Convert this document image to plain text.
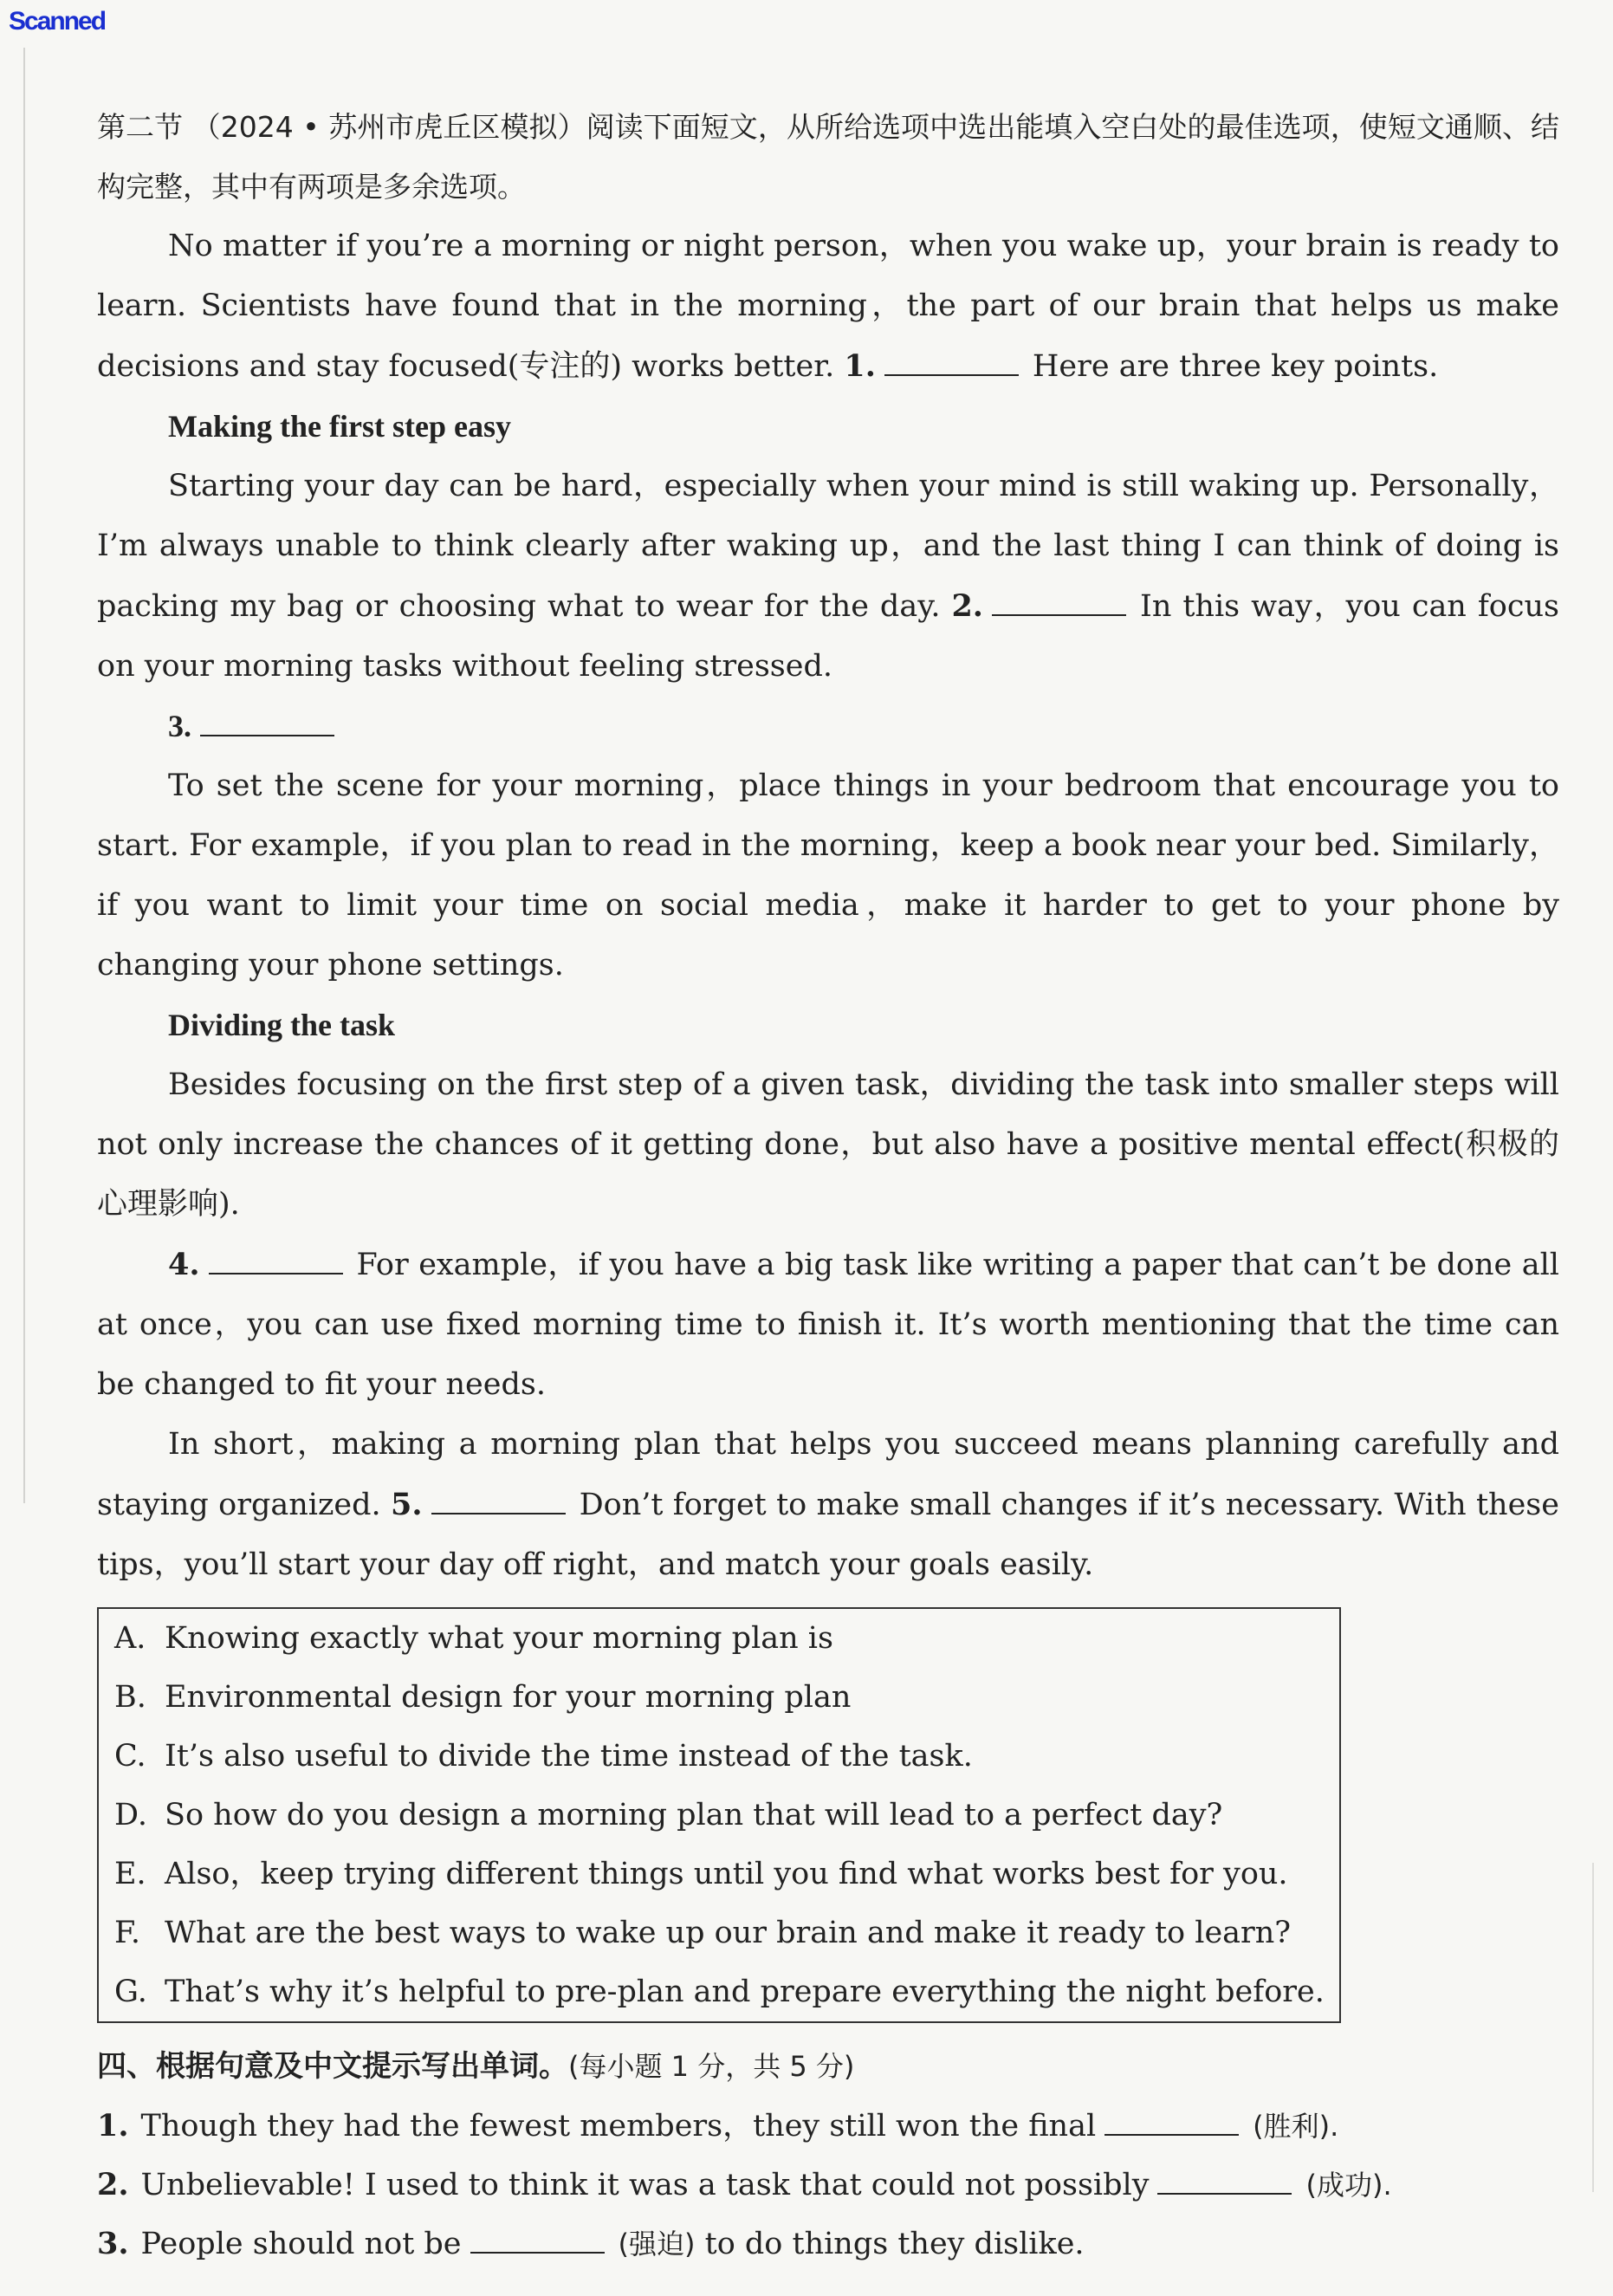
Scanned

第二节 （2024 • 苏州市虎丘区模拟）阅读下面短文，从所给选项中选出能填入空白处的最佳选项，使短文通顺、结构完整，其中有两项是多余选项。

No matter if you’re a morning or night person，when you wake up，your brain is ready to learn. Scientists have found that in the morning，the part of our brain that helps us make decisions and stay focused(专注的) works better. 1.	Here are three key points.

Making the first step easy

Starting your day can be hard，especially when your mind is still waking up. Personally，I’m always unable to think clearly after waking up，and the last thing I can think of doing is packing my bag or choosing what to wear for the day. 2.	In this way，you can focus on your morning tasks without feeling stressed.

3.

To set the scene for your morning，place things in your bedroom that encourage you to start. For example，if you plan to read in the morning，keep a book near your bed. Similarly，if you want to limit your time on social media，make it harder to get to your phone by changing your phone settings.

Dividing the task

Besides focusing on the first step of a given task，dividing the task into smaller steps will not only increase the chances of it getting done，but also have a positive mental effect(积极的心理影响).

4.	For example，if you have a big task like writing a paper that can’t be done all at once，you can use fixed morning time to finish it. It’s worth mentioning that the time can be changed to fit your needs.

In short，making a morning plan that helps you succeed means planning carefully and staying organized. 5.	Don’t forget to make small changes if it’s necessary. With these tips，you’ll start your day off right，and match your goals easily.

A. Knowing exactly what your morning plan is
B. Environmental design for your morning plan
C. It’s also useful to divide the time instead of the task.
D. So how do you design a morning plan that will lead to a perfect day?
E. Also，keep trying different things until you find what works best for you.
F. What are the best ways to wake up our brain and make it ready to learn?
G. That’s why it’s helpful to pre-plan and prepare everything the night before.

四、根据句意及中文提示写出单词。(每小题 1 分，共 5 分)

1. Though they had the fewest members，they still won the final	(胜利).
2. Unbelievable! I used to think it was a task that could not possibly	(成功).
3. People should not be	(强迫) to do things they dislike.
